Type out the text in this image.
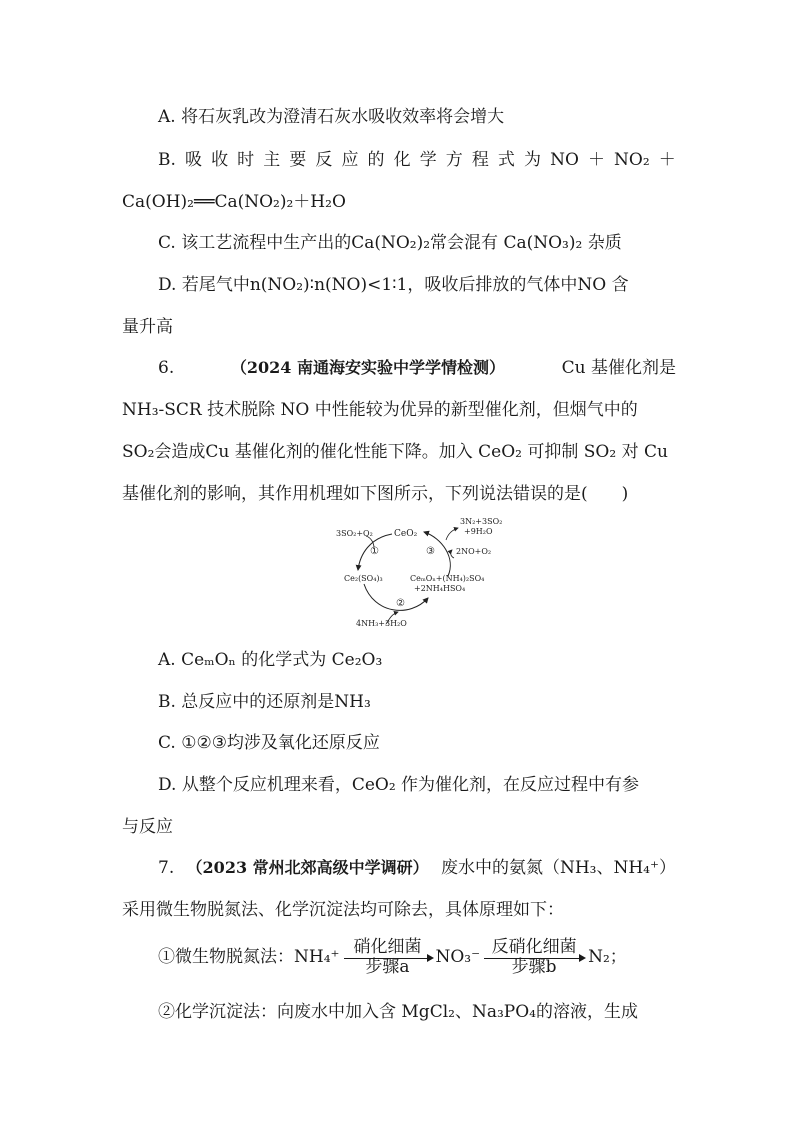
A. 将石灰乳改为澄清石灰水吸收效率将会增大
B. 吸 收 时 主 要 反 应 的 化 学 方 程 式 为 NO ＋ NO₂ ＋
Ca(OH)₂══Ca(NO₂)₂＋H₂O
C. 该工艺流程中生产出的Ca(NO₂)₂常会混有 Ca(NO₃)₂ 杂质
D. 若尾气中n(NO₂)∶n(NO)<1∶1，吸收后排放的气体中NO 含
量升高
6.	（2024 南通海安实验中学学情检测）	Cu 基催化剂是
NH₃-SCR 技术脱除 NO 中性能较为优异的新型催化剂，但烟气中的
SO₂会造成Cu 基催化剂的催化性能下降。加入 CeO₂ 可抑制 SO₂ 对 Cu
基催化剂的影响，其作用机理如下图所示，下列说法错误的是(　　)
CeO₂
3SO₂+O₂
①
Ce₂(SO₄)₃
②
4NH₃+3H₂O
CeₘOₙ+(NH₄)₂SO₄
+2NH₄HSO₄
③
3N₂+3SO₂
+9H₂O
2NO+O₂
A. CeₘOₙ 的化学式为 Ce₂O₃
B. 总反应中的还原剂是NH₃
C. ①②③均涉及氧化还原反应
D. 从整个反应机理来看，CeO₂ 作为催化剂，在反应过程中有参
与反应
7. （2023 常州北郊高级中学调研） 废水中的氨氮（NH₃、NH₄⁺）
采用微生物脱氮法、化学沉淀法均可除去，具体原理如下：
①微生物脱氮法：NH₄⁺ 硝化细菌
步骤a	NO₃⁻ 反硝化细菌
步骤b	N₂；
②化学沉淀法：向废水中加入含 MgCl₂、Na₃PO₄的溶液，生成
